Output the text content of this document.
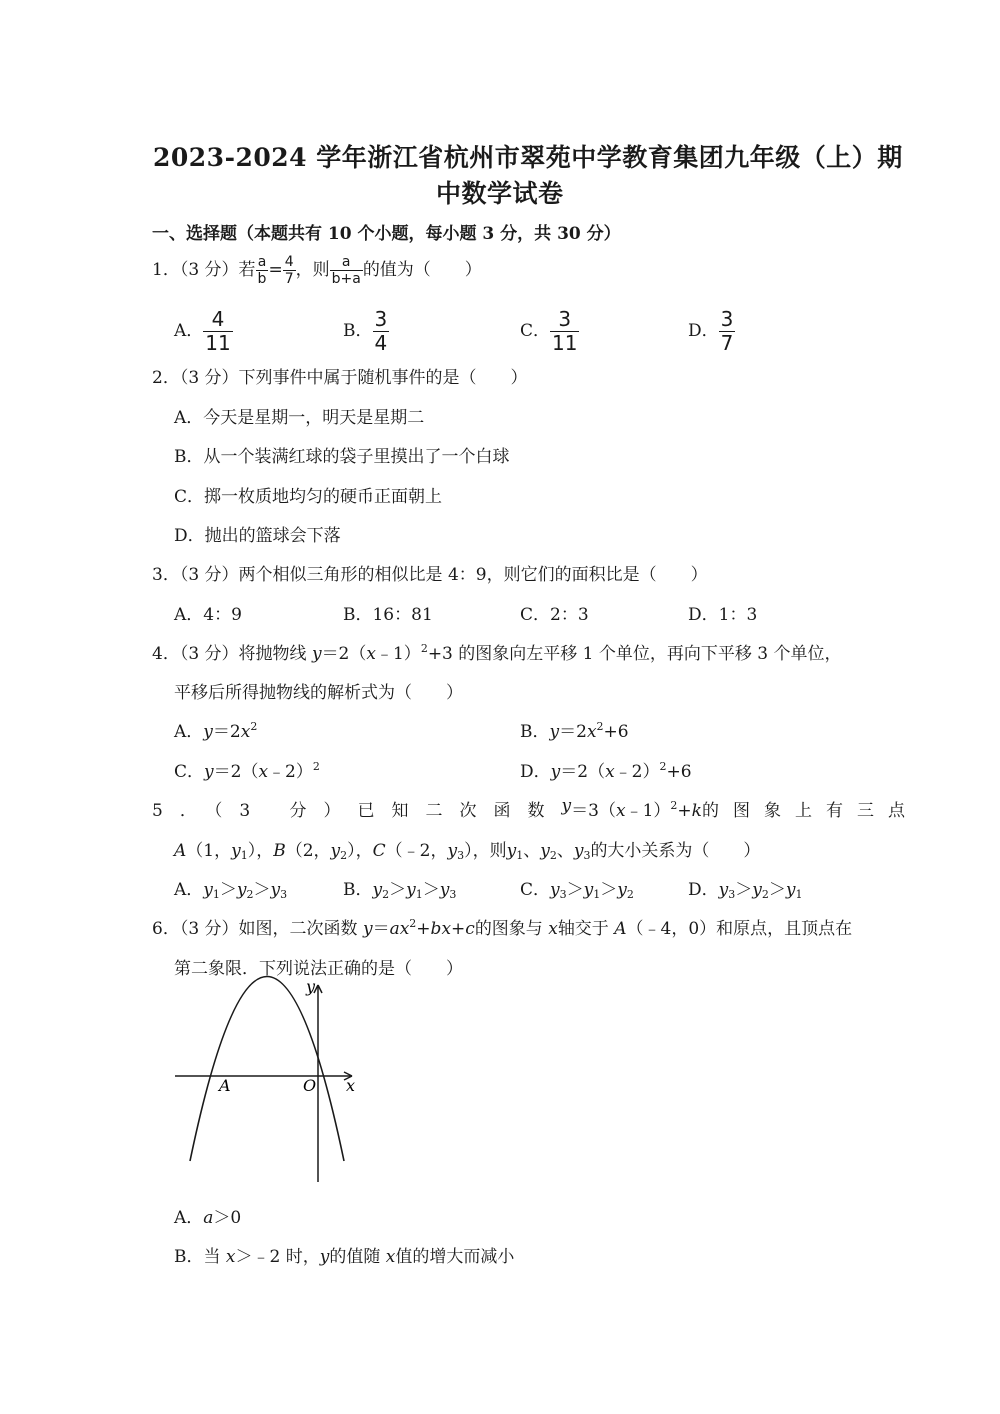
2023-2024 学年浙江省杭州市翠苑中学教育集团九年级（上）期
中数学试卷
一、选择题（本题共有 10 个小题，每小题 3 分，共 30 分）
1．（3 分）若 $\frac{a}{b} = \frac{4}{7}$ ，则 $\frac{a}{b+a}$ 的值为（　　）
A． $\frac{4}{11}$	B． $\frac{3}{4}$	C． $\frac{3}{11}$	D． $\frac{3}{7}$
2．（3 分）下列事件中属于随机事件的是（　　）
A．今天是星期一，明天是星期二
B．从一个装满红球的袋子里摸出了一个白球
C．掷一枚质地均匀的硬币正面朝上
D．抛出的篮球会下落
3．（3 分）两个相似三角形的相似比是 4：9，则它们的面积比是（　　）
A．4：9	B．16：81	C．2：3	D．1：3
4．（3 分）将抛物线 y＝2（x﹣1）$^2$+3 的图象向左平移 1 个单位，再向下平移 3 个单位，
平移后所得抛物线的解析式为（　　）
A．$y=2x^2$	B．$y=2x^2+6$
C．y＝2（x﹣2）$^2$	D．y＝2（x﹣2）$^2$+6
5．（3 分）已知二次函数 y ＝3（ x﹣1）$^2$+k 的图象上有三点
A（1，$y_1$），B（2，$y_2$），C（﹣2，$y_3$），则$y_1$、$y_2$、$y_3$的大小关系为（　　）
A．$y_1>y_2>y_3$	B．$y_2>y_1>y_3$	C．$y_3>y_1>y_2$	D．$y_3>y_2>y_1$
6．（3 分）如图，二次函数 $y=ax^2+bx+c$的图象与 x轴交于 A（﹣4，0）和原点，且顶点在
第二象限．下列说法正确的是（　　）
y
x
A	O
A．a＞0
B．当 x＞﹣2 时，y的值随 x值的增大而减小
